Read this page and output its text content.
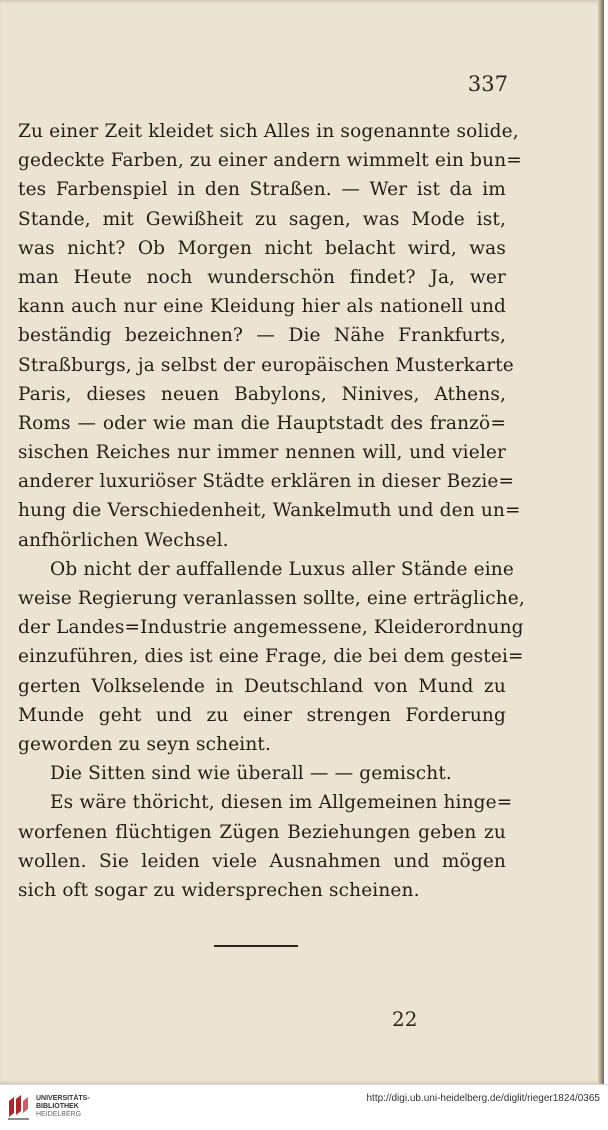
337
Zu einer Zeit kleidet sich Alles in sogenannte solide,
gedeckte Farben, zu einer andern wimmelt ein bun=
tes Farbenspiel in den Straßen. — Wer ist da im
Stande, mit Gewißheit zu sagen, was Mode ist,
was nicht? Ob Morgen nicht belacht wird, was
man Heute noch wunderschön findet? Ja, wer
kann auch nur eine Kleidung hier als nationell und
beständig bezeichnen? — Die Nähe Frankfurts,
Straßburgs, ja selbst der europäischen Musterkarte
Paris, dieses neuen Babylons, Ninives, Athens,
Roms — oder wie man die Hauptstadt des franzö=
sischen Reiches nur immer nennen will, und vieler
anderer luxuriöser Städte erklären in dieser Bezie=
hung die Verschiedenheit, Wankelmuth und den un=
anfhörlichen Wechsel.
Ob nicht der auffallende Luxus aller Stände eine
weise Regierung veranlassen sollte, eine erträgliche,
der Landes=Industrie angemessene, Kleiderordnung
einzuführen, dies ist eine Frage, die bei dem gestei=
gerten Volkselende in Deutschland von Mund zu
Munde geht und zu einer strengen Forderung
geworden zu seyn scheint.
Die Sitten sind wie überall — — gemischt.
Es wäre thöricht, diesen im Allgemeinen hinge=
worfenen flüchtigen Zügen Beziehungen geben zu
wollen. Sie leiden viele Ausnahmen und mögen
sich oft sogar zu widersprechen scheinen.
22
UNIVERSITÄTS-
BIBLIOTHEK
HEIDELBERG
http://digi.ub.uni-heidelberg.de/diglit/rieger1824/0365
